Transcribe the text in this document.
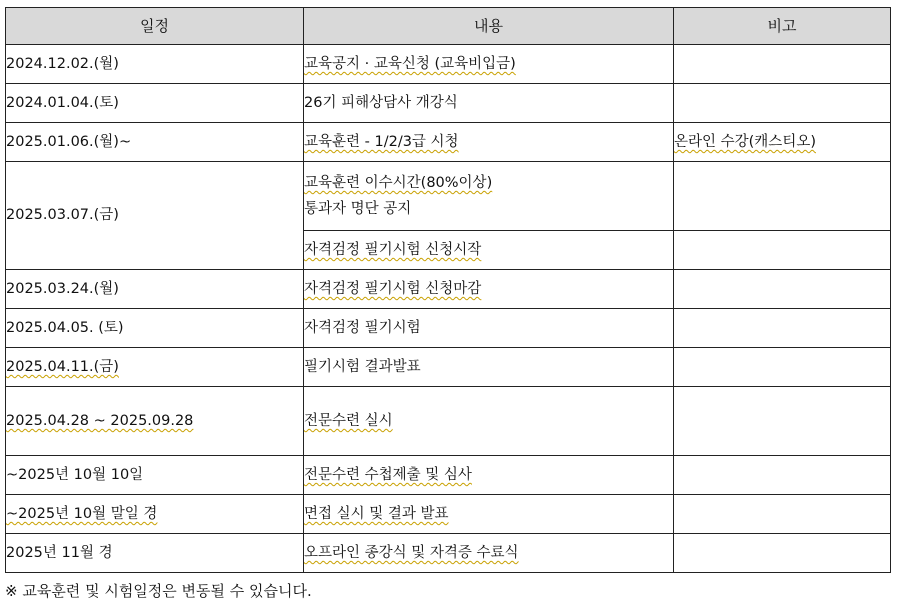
일정	내용	비고
2024.12.02.(월)	교육공지 · 교육신청 (교육비입금)	
2024.01.04.(토)	26기 피해상담사 개강식	
2025.01.06.(월)~	교육훈련 - 1/2/3급 시청	온라인 수강(캐스티오)
2025.03.07.(금)	교육훈련 이수시간(80%이상)
통과자 명단 공지	
	자격검정 필기시험 신청시작	
2025.03.24.(월)	자격검정 필기시험 신청마감	
2025.04.05. (토)	자격검정 필기시험	
2025.04.11.(금)	필기시험 결과발표	
2025.04.28 ~ 2025.09.28	전문수련 실시	
~2025년 10월 10일	전문수련 수첩제출 및 심사	
~2025년 10월 말일 경	면접 실시 및 결과 발표	
2025년 11월 경	오프라인 종강식 및 자격증 수료식	
※ 교육훈련 및 시험일정은 변동될 수 있습니다.
